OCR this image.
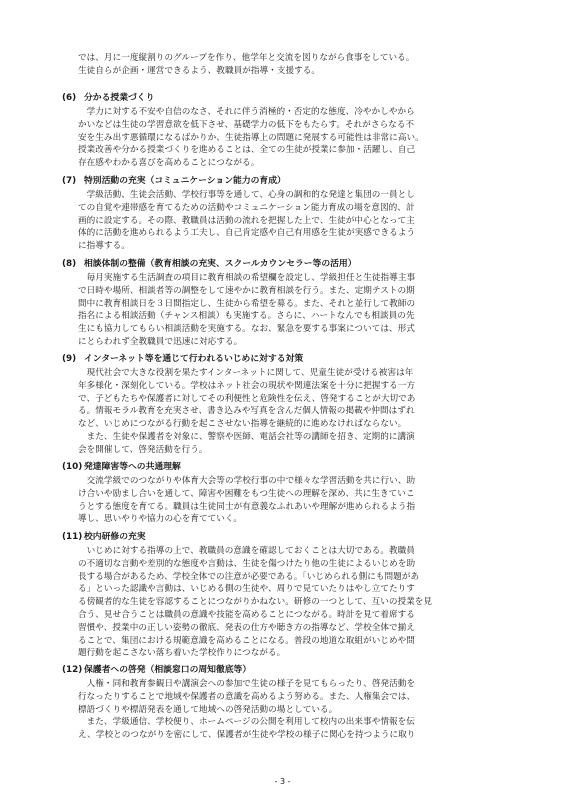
では、月に一度縦割りのグループを作り、他学年と交流を図りながら食事をしている。
生徒自らが企画・運営できるよう、教職員が指導・支援する。
(6) 分かる授業づくり
　学力に対する不安や自信のなさ、それに伴う消極的・否定的な態度、冷やかしやから
かいなどは生徒の学習意欲を低下させ、基礎学力の低下をもたらす。それがさらなる不
安を生み出す悪循環になるばかりか、生徒指導上の問題に発展する可能性は非常に高い。
授業改善や分かる授業づくりを進めることは、全ての生徒が授業に参加・活躍し、自己
存在感やわかる喜びを高めることにつながる。
(7) 特別活動の充実（コミュニケーション能力の育成）
　学級活動、生徒会活動、学校行事等を通して、心身の調和的な発達と集団の一員とし
ての自覚や連帯感を育てるための活動やコミュニケーション能力育成の場を意図的、計
画的に設定する。その際、教職員は活動の流れを把握した上で、生徒が中心となって主
体的に活動を進められるよう工夫し、自己肯定感や自己有用感を生徒が実感できるよう
に指導する。
(8) 相談体制の整備（教育相談の充実、スクールカウンセラー等の活用）
　毎月実施する生活調査の項目に教育相談の希望欄を設定し、学級担任と生徒指導主事
で日時や場所、相談者等の調整をして速やかに教育相談を行う。また、定期テストの期
間中に教育相談日を３日間指定し、生徒から希望を募る。また、それと並行して教師の
指名による相談活動（チャンス相談）も実施する。さらに、ハートなんでも相談員の先
生にも協力してもらい相談活動を実施する。なお、緊急を要する事案については、形式
にとらわれず全教職員で迅速に対応する。
(9) インターネット等を通じて行われるいじめに対する対策
　現代社会で大きな役割を果たすインターネットに関して、児童生徒が受ける被害は年
年多様化・深刻化している。学校はネット社会の現状や関連法案を十分に把握する一方
で、子どもたちや保護者に対してその利便性と危険性を伝え、啓発することが大切であ
る。情報モラル教育を充実させ、書き込みや写真を含んだ個人情報の掲載や仲間はずれ
など、いじめにつながる行動を起こさせない指導を継続的に進めなければならない。
　また、生徒や保護者を対象に、警察や医師、電話会社等の講師を招き、定期的に講演
会を開催して、啓発活動を行う。
(10) 発達障害等への共通理解
　交流学級でのつながりや体育大会等の学校行事の中で様々な学習活動を共に行い、助
け合いや励まし合いを通して、障害や困難をもつ生徒への理解を深め、共に生きていこ
うとする態度を育てる。職員は生徒同士が有意義なふれあいや理解が進められるよう指
導し、思いやりや協力の心を育てていく。
(11) 校内研修の充実
　いじめに対する指導の上で、教職員の意識を確認しておくことは大切である。教職員
の不適切な言動や差別的な態度や言動は、生徒を傷つけたり他の生徒によるいじめを助
長する場合があるため、学校全体での注意が必要である。「いじめられる側にも問題があ
る」といった認識や言動は、いじめる側の生徒や、周りで見ていたりはやし立てたりす
る傍観者的な生徒を容認することにつながりかねない。研修の一つとして、互いの授業を見
合う、見せ合うことは職員の意識や技能を高めることにつながる。時計を見て着席する
習慣や、授業中の正しい姿勢の徹底、発表の仕方や聴き方の指導など、学校全体で揃え
ることで、集団における規範意識を高めることになる。普段の地道な取組がいじめや問
題行動を起こさない落ち着いた学校作りにつながる。
(12) 保護者への啓発（相談窓口の周知徹底等）
　人権・同和教育参観日や講演会への参加で生徒の様子を見てもらったり、啓発活動を
行なったりすることで地域や保護者の意識を高めるよう努める。また、人権集会では、
標語づくりや標語発表を通して地域への啓発活動の場としている。
　また、学級通信、学校便り、ホームページの公開を利用して校内の出来事や情報を伝
え、学校とのつながりを密にして、保護者が生徒や学校の様子に関心を持つように取り
- 3 -
